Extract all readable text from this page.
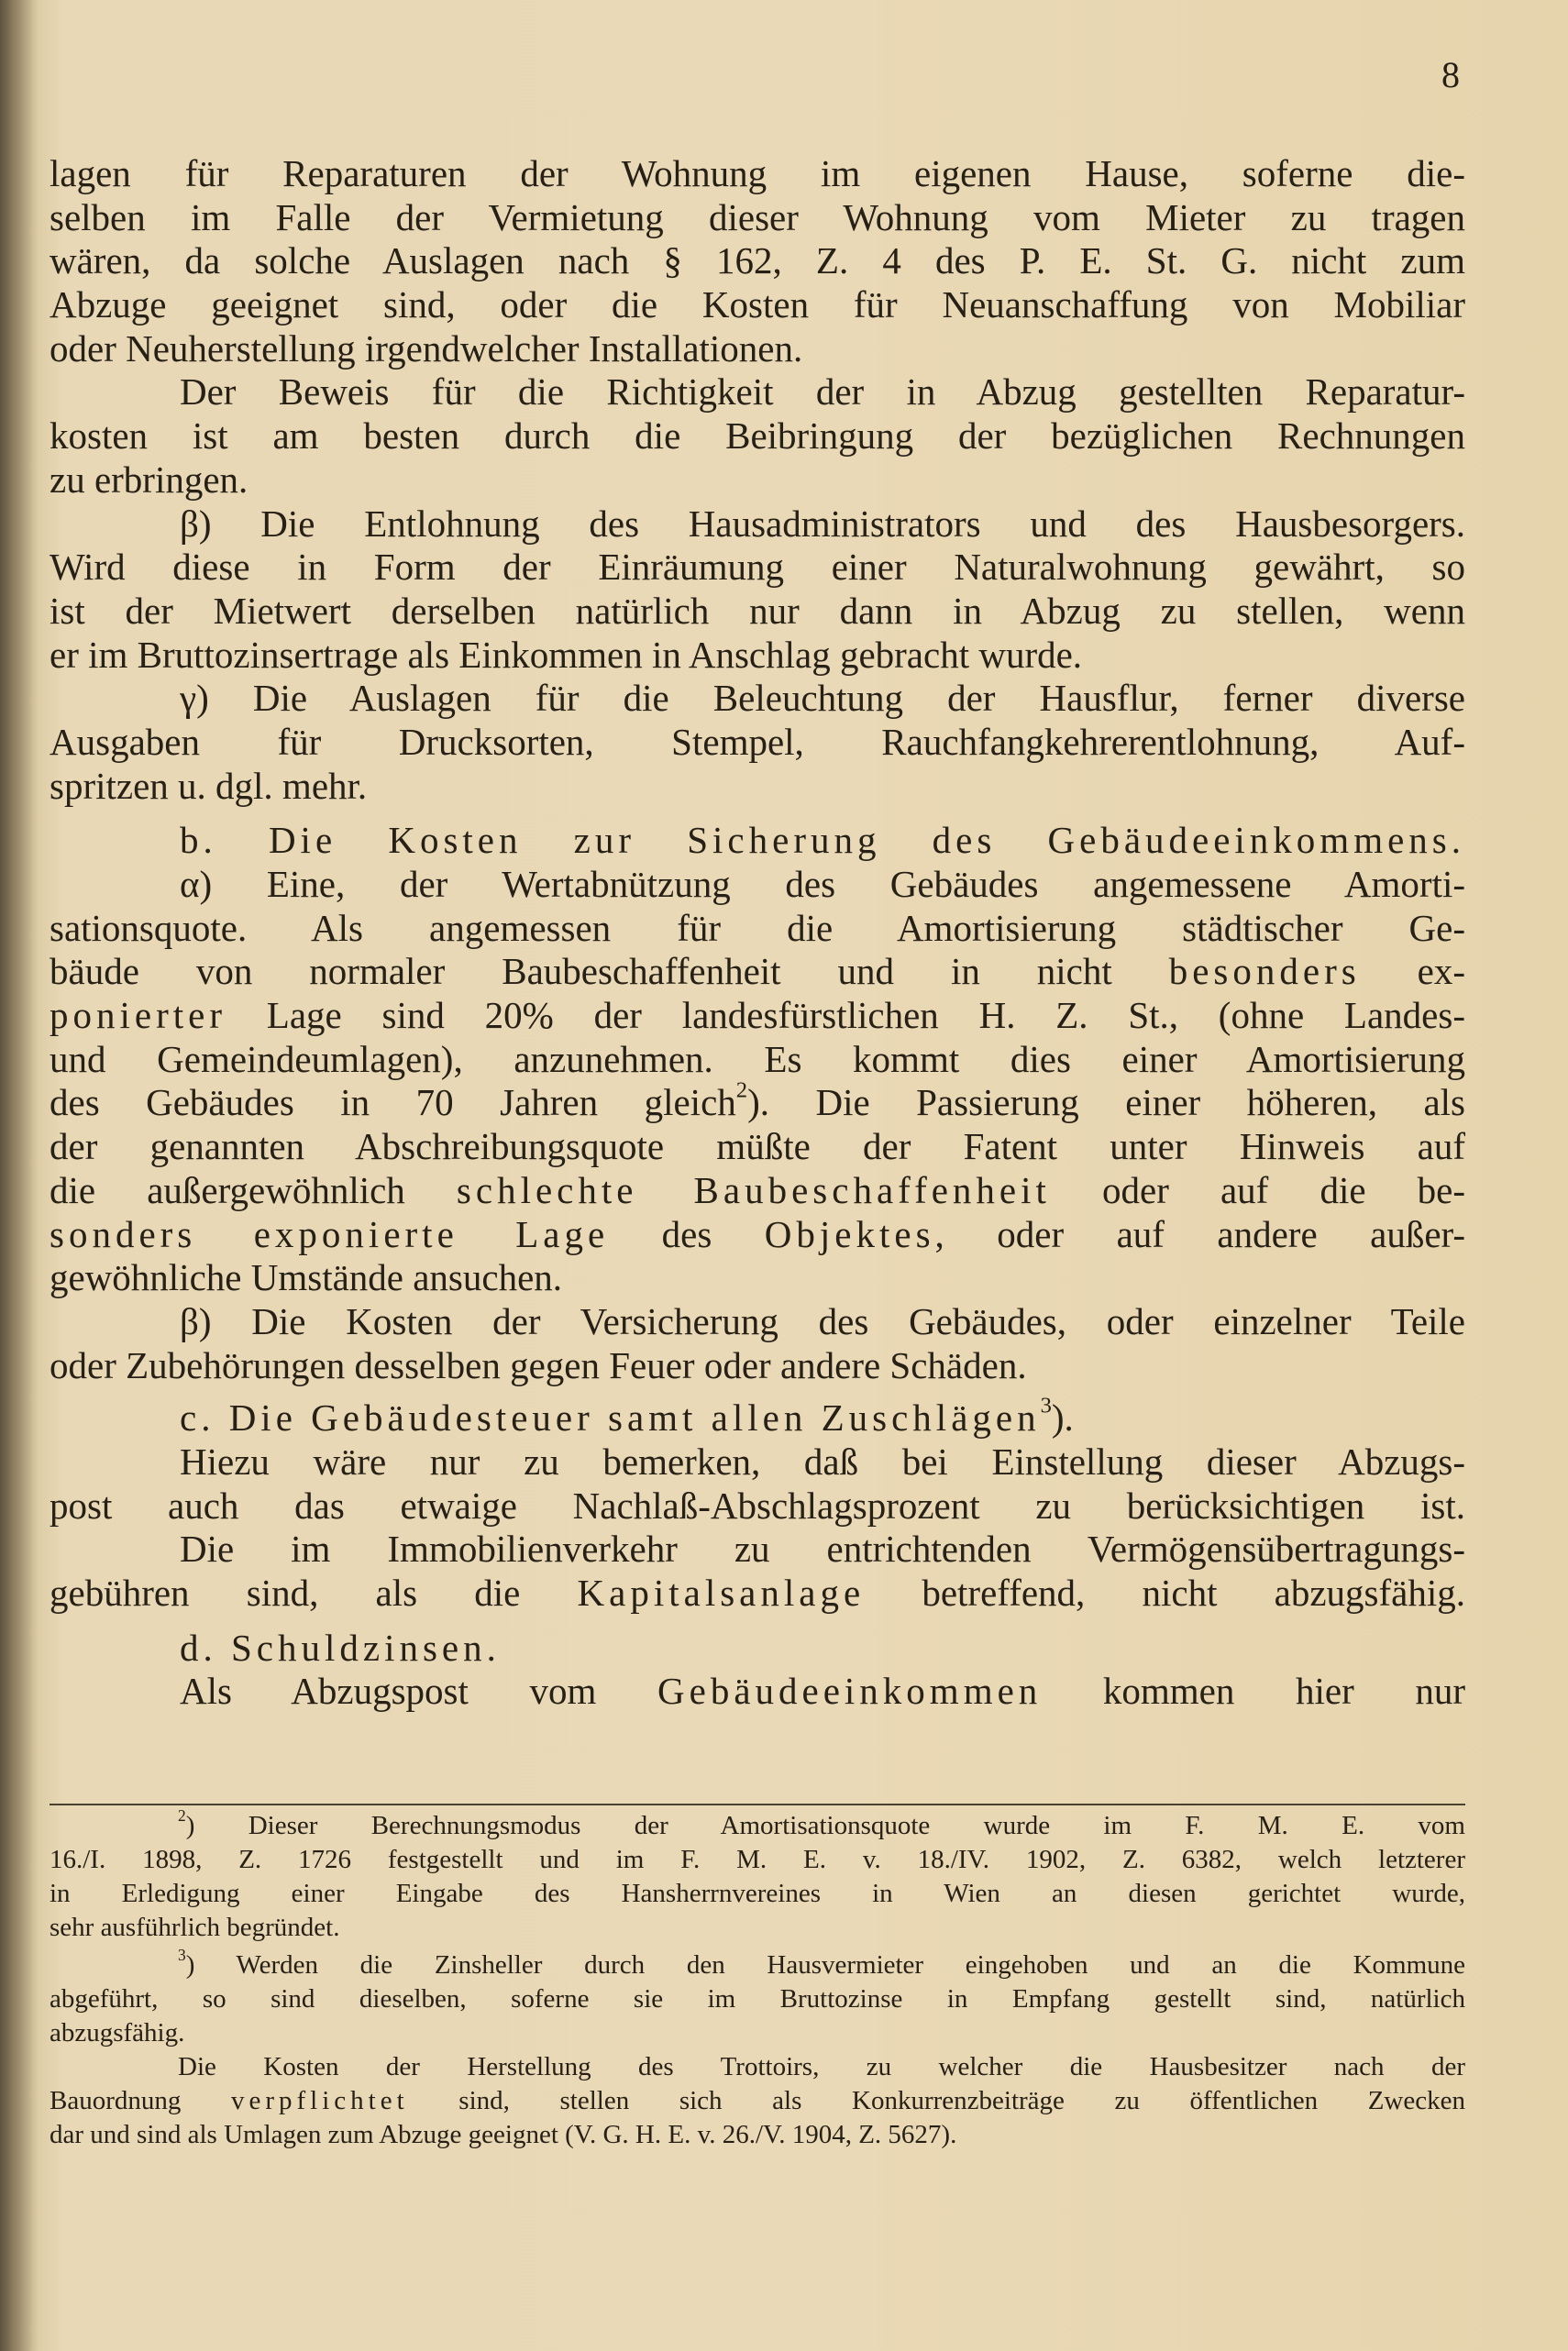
8
lagen für Reparaturen der Wohnung im eigenen Hause, soferne die-
selben im Falle der Vermietung dieser Wohnung vom Mieter zu tragen
wären, da solche Auslagen nach § 162, Z. 4 des P. E. St. G. nicht zum
Abzuge geeignet sind, oder die Kosten für Neuanschaffung von Mobiliar
oder Neuherstellung irgendwelcher Installationen.
Der Beweis für die Richtigkeit der in Abzug gestellten Reparatur-
kosten ist am besten durch die Beibringung der bezüglichen Rechnungen
zu erbringen.
β) Die Entlohnung des Hausadministrators und des Hausbesorgers.
Wird diese in Form der Einräumung einer Naturalwohnung gewährt, so
ist der Mietwert derselben natürlich nur dann in Abzug zu stellen, wenn
er im Bruttozinsertrage als Einkommen in Anschlag gebracht wurde.
γ) Die Auslagen für die Beleuchtung der Hausflur, ferner diverse
Ausgaben für Drucksorten, Stempel, Rauchfangkehrerentlohnung, Auf-
spritzen u. dgl. mehr.
b. Die Kosten zur Sicherung des Gebäudeeinkommens.
α) Eine, der Wertabnützung des Gebäudes angemessene Amorti-
sationsquote. Als angemessen für die Amortisierung städtischer Ge-
bäude von normaler Baubeschaffenheit und in nicht besonders ex-
ponierter Lage sind 20% der landesfürstlichen H. Z. St., (ohne Landes-
und Gemeindeumlagen), anzunehmen. Es kommt dies einer Amortisierung
des Gebäudes in 70 Jahren gleich$^2$). Die Passierung einer höheren, als
der genannten Abschreibungsquote müßte der Fatent unter Hinweis auf
die außergewöhnlich schlechte Baubeschaffenheit oder auf die be-
sonders exponierte Lage des Objektes, oder auf andere außer-
gewöhnliche Umstände ansuchen.
β) Die Kosten der Versicherung des Gebäudes, oder einzelner Teile
oder Zubehörungen desselben gegen Feuer oder andere Schäden.
c. Die Gebäudesteuer samt allen Zuschlägen$^3$).
Hiezu wäre nur zu bemerken, daß bei Einstellung dieser Abzugs-
post auch das etwaige Nachlaß-Abschlagsprozent zu berücksichtigen ist.
Die im Immobilienverkehr zu entrichtenden Vermögensübertragungs-
gebühren sind, als die Kapitalsanlage betreffend, nicht abzugsfähig.
d. Schuldzinsen.
Als Abzugspost vom Gebäudeeinkommen kommen hier nur
$^2$) Dieser Berechnungsmodus der Amortisationsquote wurde im F. M. E. vom
16./I. 1898, Z. 1726 festgestellt und im F. M. E. v. 18./IV. 1902, Z. 6382, welch letzterer
in Erledigung einer Eingabe des Hansherrnvereines in Wien an diesen gerichtet wurde,
sehr ausführlich begründet.
$^3$) Werden die Zinsheller durch den Hausvermieter eingehoben und an die Kommune
abgeführt, so sind dieselben, soferne sie im Bruttozinse in Empfang gestellt sind, natürlich
abzugsfähig.
Die Kosten der Herstellung des Trottoirs, zu welcher die Hausbesitzer nach der
Bauordnung verpflichtet sind, stellen sich als Konkurrenzbeiträge zu öffentlichen Zwecken
dar und sind als Umlagen zum Abzuge geeignet (V. G. H. E. v. 26./V. 1904, Z. 5627).
